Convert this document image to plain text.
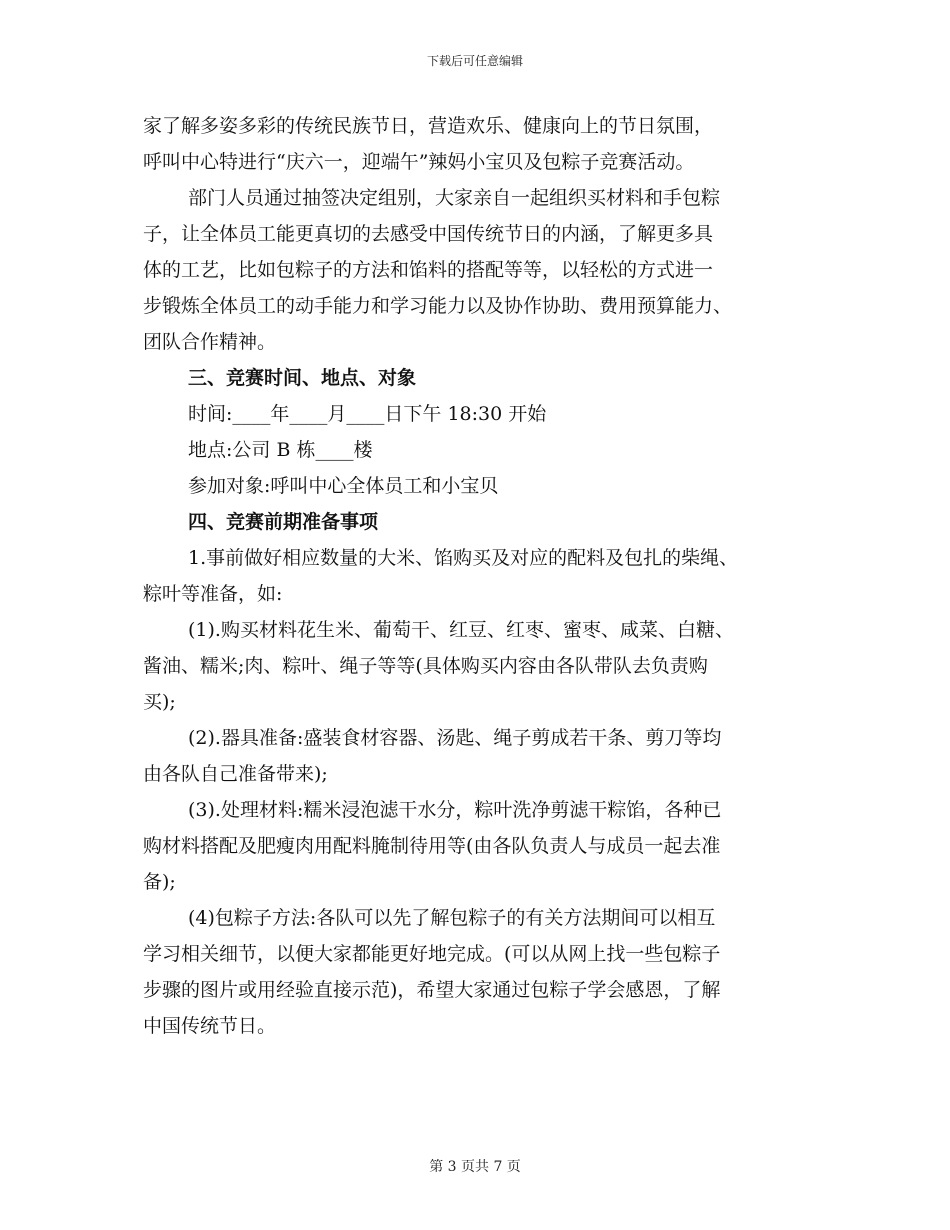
下载后可任意编辑
家了解多姿多彩的传统民族节日，营造欢乐、健康向上的节日氛围，
呼叫中心特进行“庆六一，迎端午”辣妈小宝贝及包粽子竞赛活动。
部门人员通过抽签决定组别，大家亲自一起组织买材料和手包粽
子，让全体员工能更真切的去感受中国传统节日的内涵，了解更多具
体的工艺，比如包粽子的方法和馅料的搭配等等，以轻松的方式进一
步锻炼全体员工的动手能力和学习能力以及协作协助、费用预算能力、
团队合作精神。
三、竞赛时间、地点、对象
时间:____年____月____日下午 18:30 开始
地点:公司 B 栋____楼
参加对象:呼叫中心全体员工和小宝贝
四、竞赛前期准备事项
1.事前做好相应数量的大米、馅购买及对应的配料及包扎的柴绳、
粽叶等准备，如:
(1).购买材料花生米、葡萄干、红豆、红枣、蜜枣、咸菜、白糖、
酱油、糯米;肉、粽叶、绳子等等(具体购买内容由各队带队去负责购
买);
(2).器具准备:盛装食材容器、汤匙、绳子剪成若干条、剪刀等均
由各队自己准备带来);
(3).处理材料:糯米浸泡滤干水分，粽叶洗净剪滤干粽馅，各种已
购材料搭配及肥瘦肉用配料腌制待用等(由各队负责人与成员一起去准
备);
(4)包粽子方法:各队可以先了解包粽子的有关方法期间可以相互
学习相关细节，以便大家都能更好地完成。(可以从网上找一些包粽子
步骤的图片或用经验直接示范)，希望大家通过包粽子学会感恩，了解
中国传统节日。
第 3 页共 7 页
